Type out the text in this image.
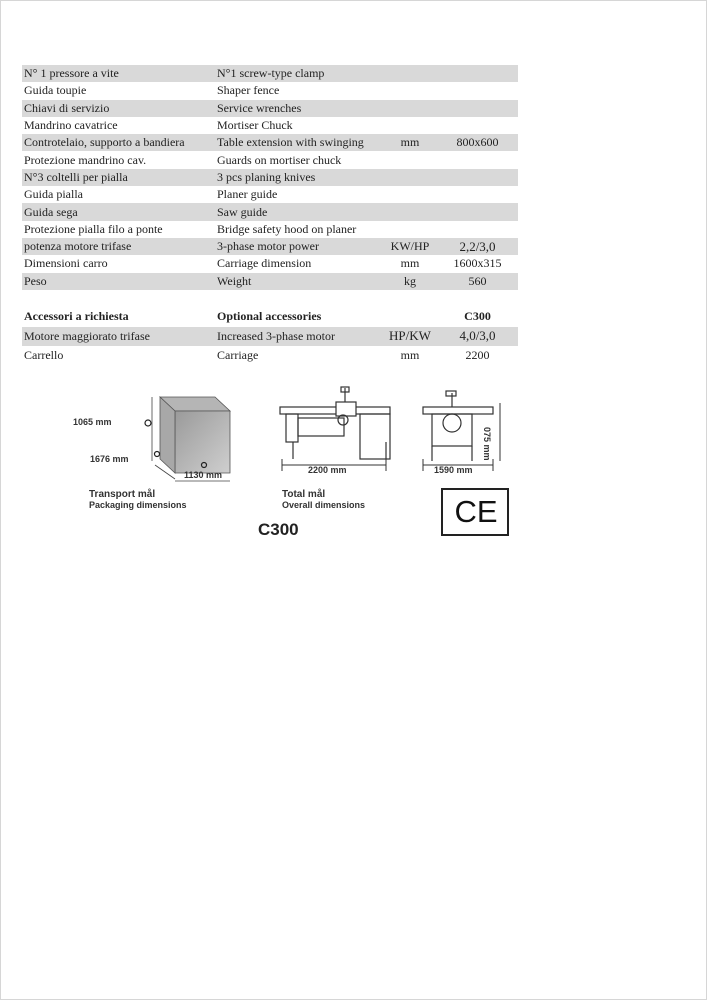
N° 1 pressore a vite	N°1 screw-type clamp		
Guida toupie	Shaper fence		
Chiavi di servizio	Service wrenches		
Mandrino cavatrice	Mortiser Chuck		
Controtelaio, supporto a bandiera	Table extension with swinging	mm	800x600
Protezione mandrino cav.	Guards on mortiser chuck		
N°3 coltelli per pialla	3 pcs planing knives		
Guida pialla	Planer guide		
Guida sega	Saw guide		
Protezione pialla filo a ponte	Bridge safety hood on planer		
potenza motore trifase	3-phase motor power	KW/HP	2,2/3,0
Dimensioni carro	Carriage dimension	mm	1600x315
Peso	Weight	kg	560
Accessori a richiesta	Optional accessories		C300
Motore maggiorato trifase	Increased 3-phase motor	HP/KW	4,0/3,0
Carrello	Carriage	mm	2200
1065 mm
1676 mm
1130 mm
Transport mål
Packaging dimensions
2200 mm	1590 mm
075 mm
Total mål
Overall dimensions
C300
CE
